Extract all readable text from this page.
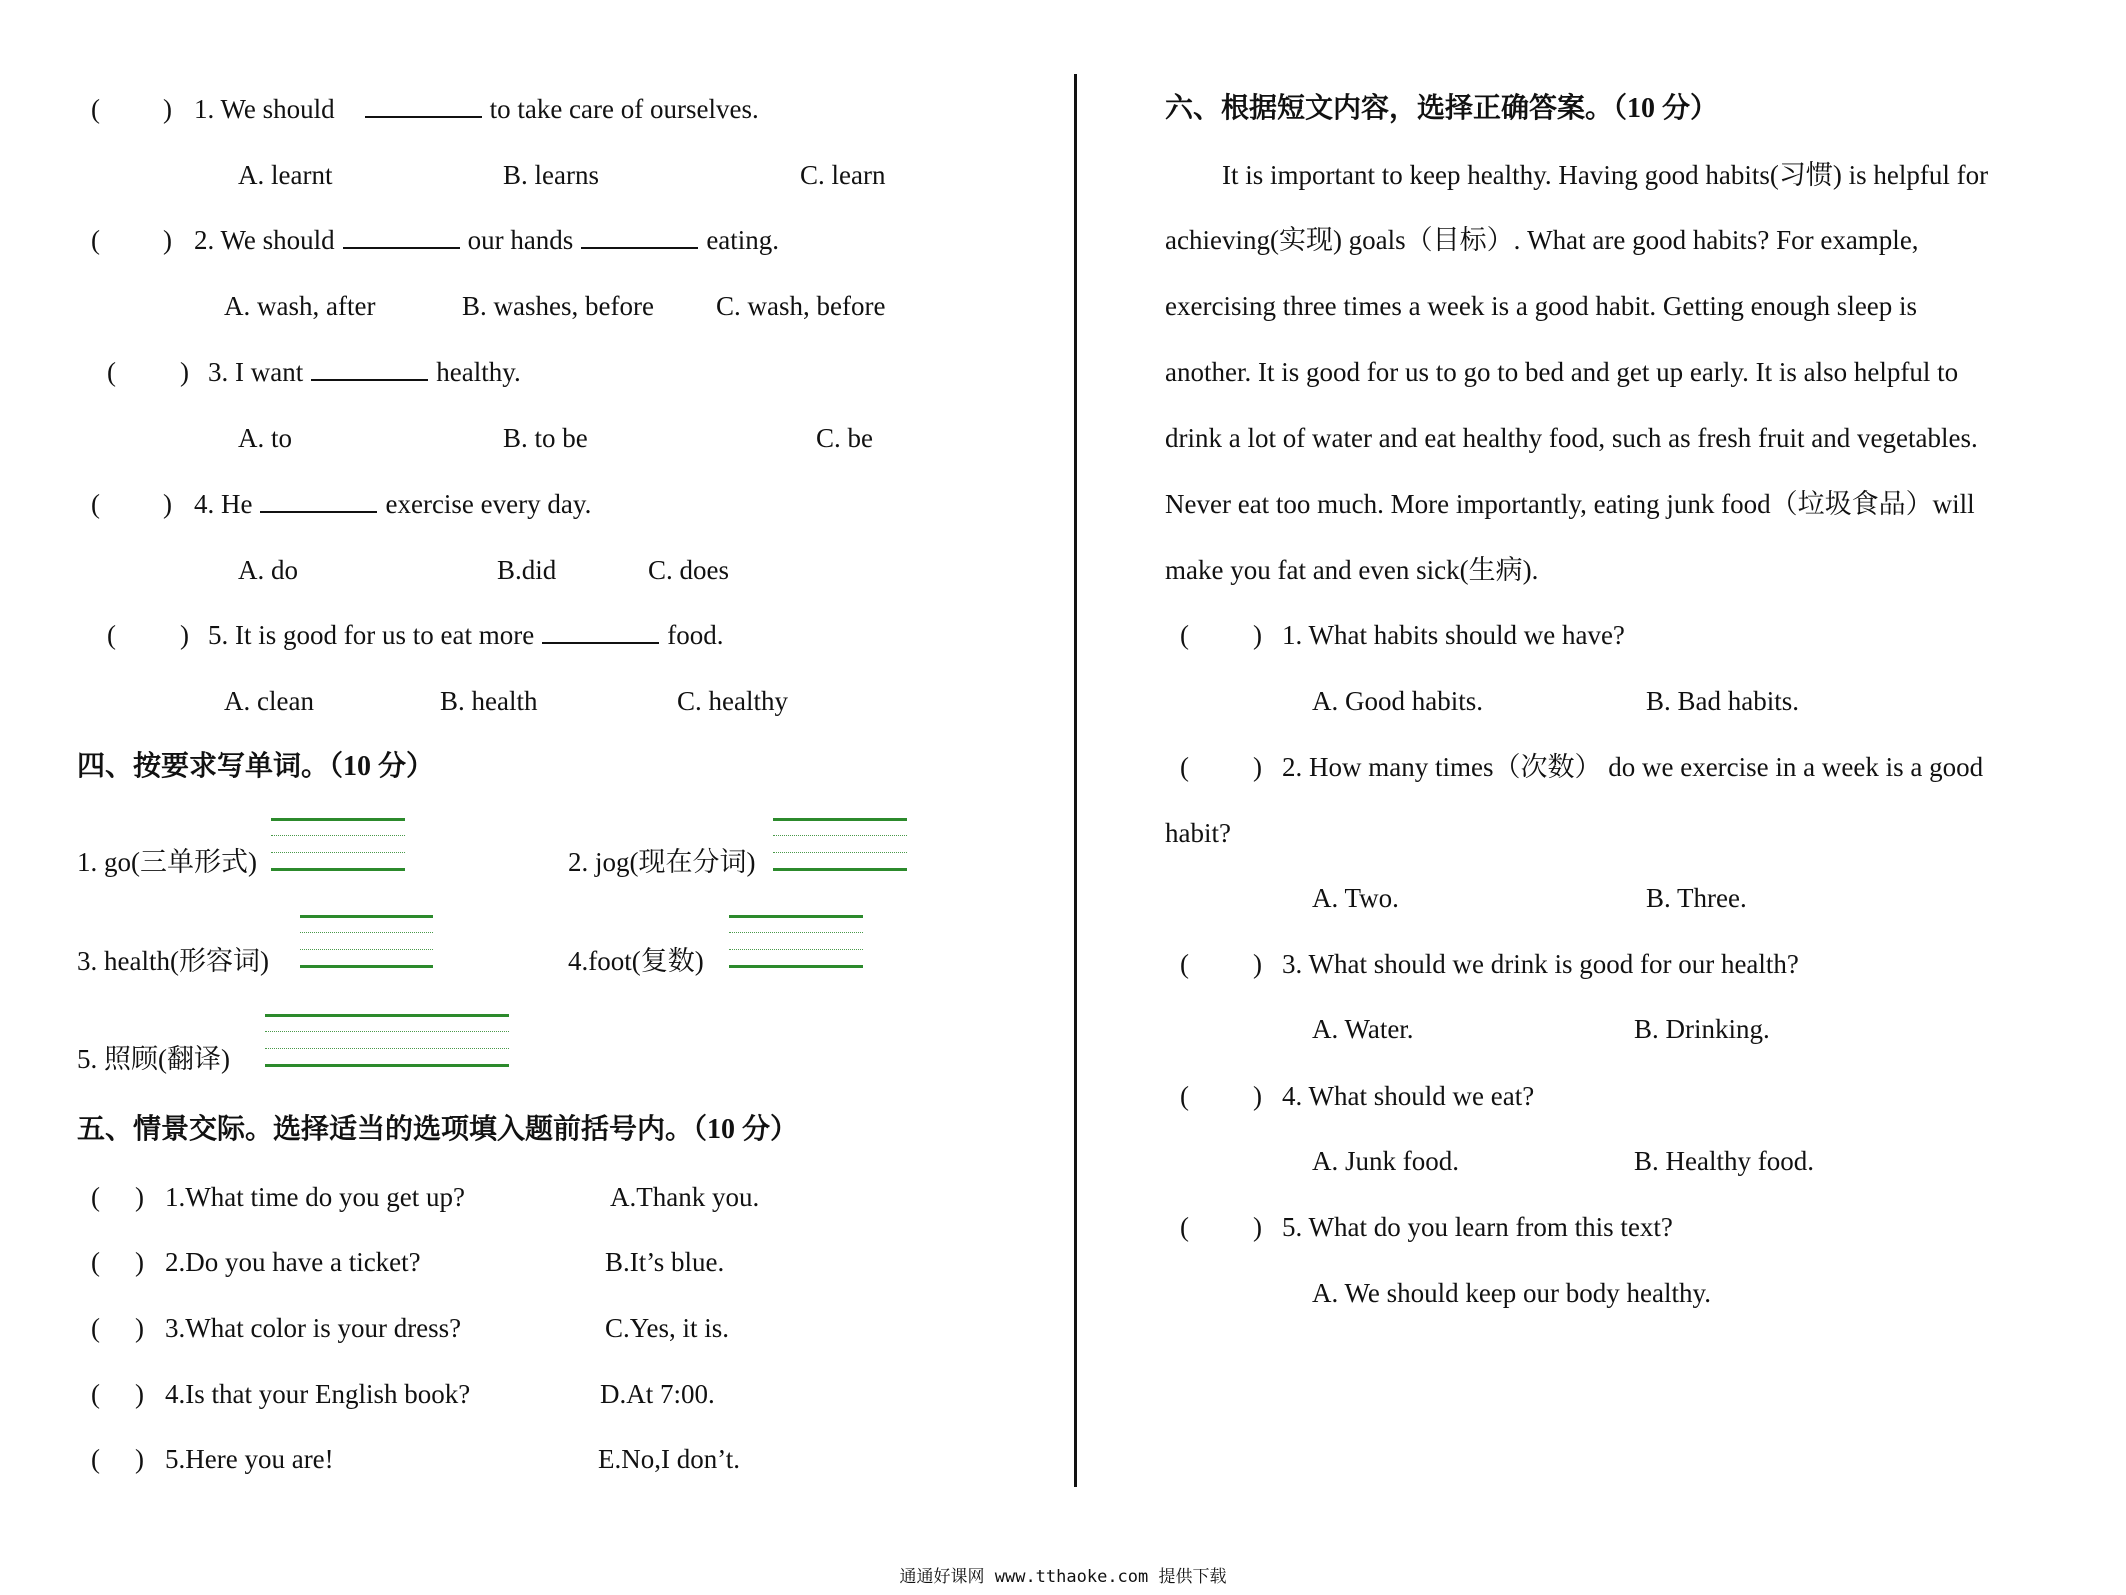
( ) 1. We should	to take care of ourselves.
A. learnt	B. learns	C. learn
( ) 2. We should	our hands	eating.
A. wash, after	B. washes, before C. wash, before
( ) 3. I want	healthy.
A. to	B. to be	C. be
( ) 4. He	exercise every day.
A. do	B.did	C. does
( ) 5. It is good for us to eat more	food.
A. clean	B. health	C. healthy
四、按要求写单词。（10 分）
1. go(三单形式)	2. jog(现在分词)
3. health(形容词)	4.foot(复数)
5. 照顾(翻译)
五、情景交际。选择适当的选项填入题前括号内。（10 分）
( ) 1.What time do you get up?	A.Thank you.
( ) 2.Do you have a ticket?	B.It’s blue.
( ) 3.What color is your dress?	C.Yes, it is.
( ) 4.Is that your English book?	D.At 7:00.
( ) 5.Here you are!	E.No,I don’t.
六、根据短文内容，选择正确答案。（10 分）
It is important to keep healthy. Having good habits(习惯) is helpful for
achieving(实现) goals（目标）. What are good habits? For example,
exercising three times a week is a good habit. Getting enough sleep is
another. It is good for us to go to bed and get up early. It is also helpful to
drink a lot of water and eat healthy food, such as fresh fruit and vegetables.
Never eat too much. More importantly, eating junk food（垃圾食品）will
make you fat and even sick(生病).
( ) 1. What habits should we have?
A. Good habits.	B. Bad habits.
( ) 2. How many times（次数） do we exercise in a week is a good
habit?
A. Two.	B. Three.
( ) 3. What should we drink is good for our health?
A. Water.	B. Drinking.
( ) 4. What should we eat?
A. Junk food.	B. Healthy food.
( ) 5. What do you learn from this text?
A. We should keep our body healthy.
通通好课网 www.tthaoke.com 提供下载
